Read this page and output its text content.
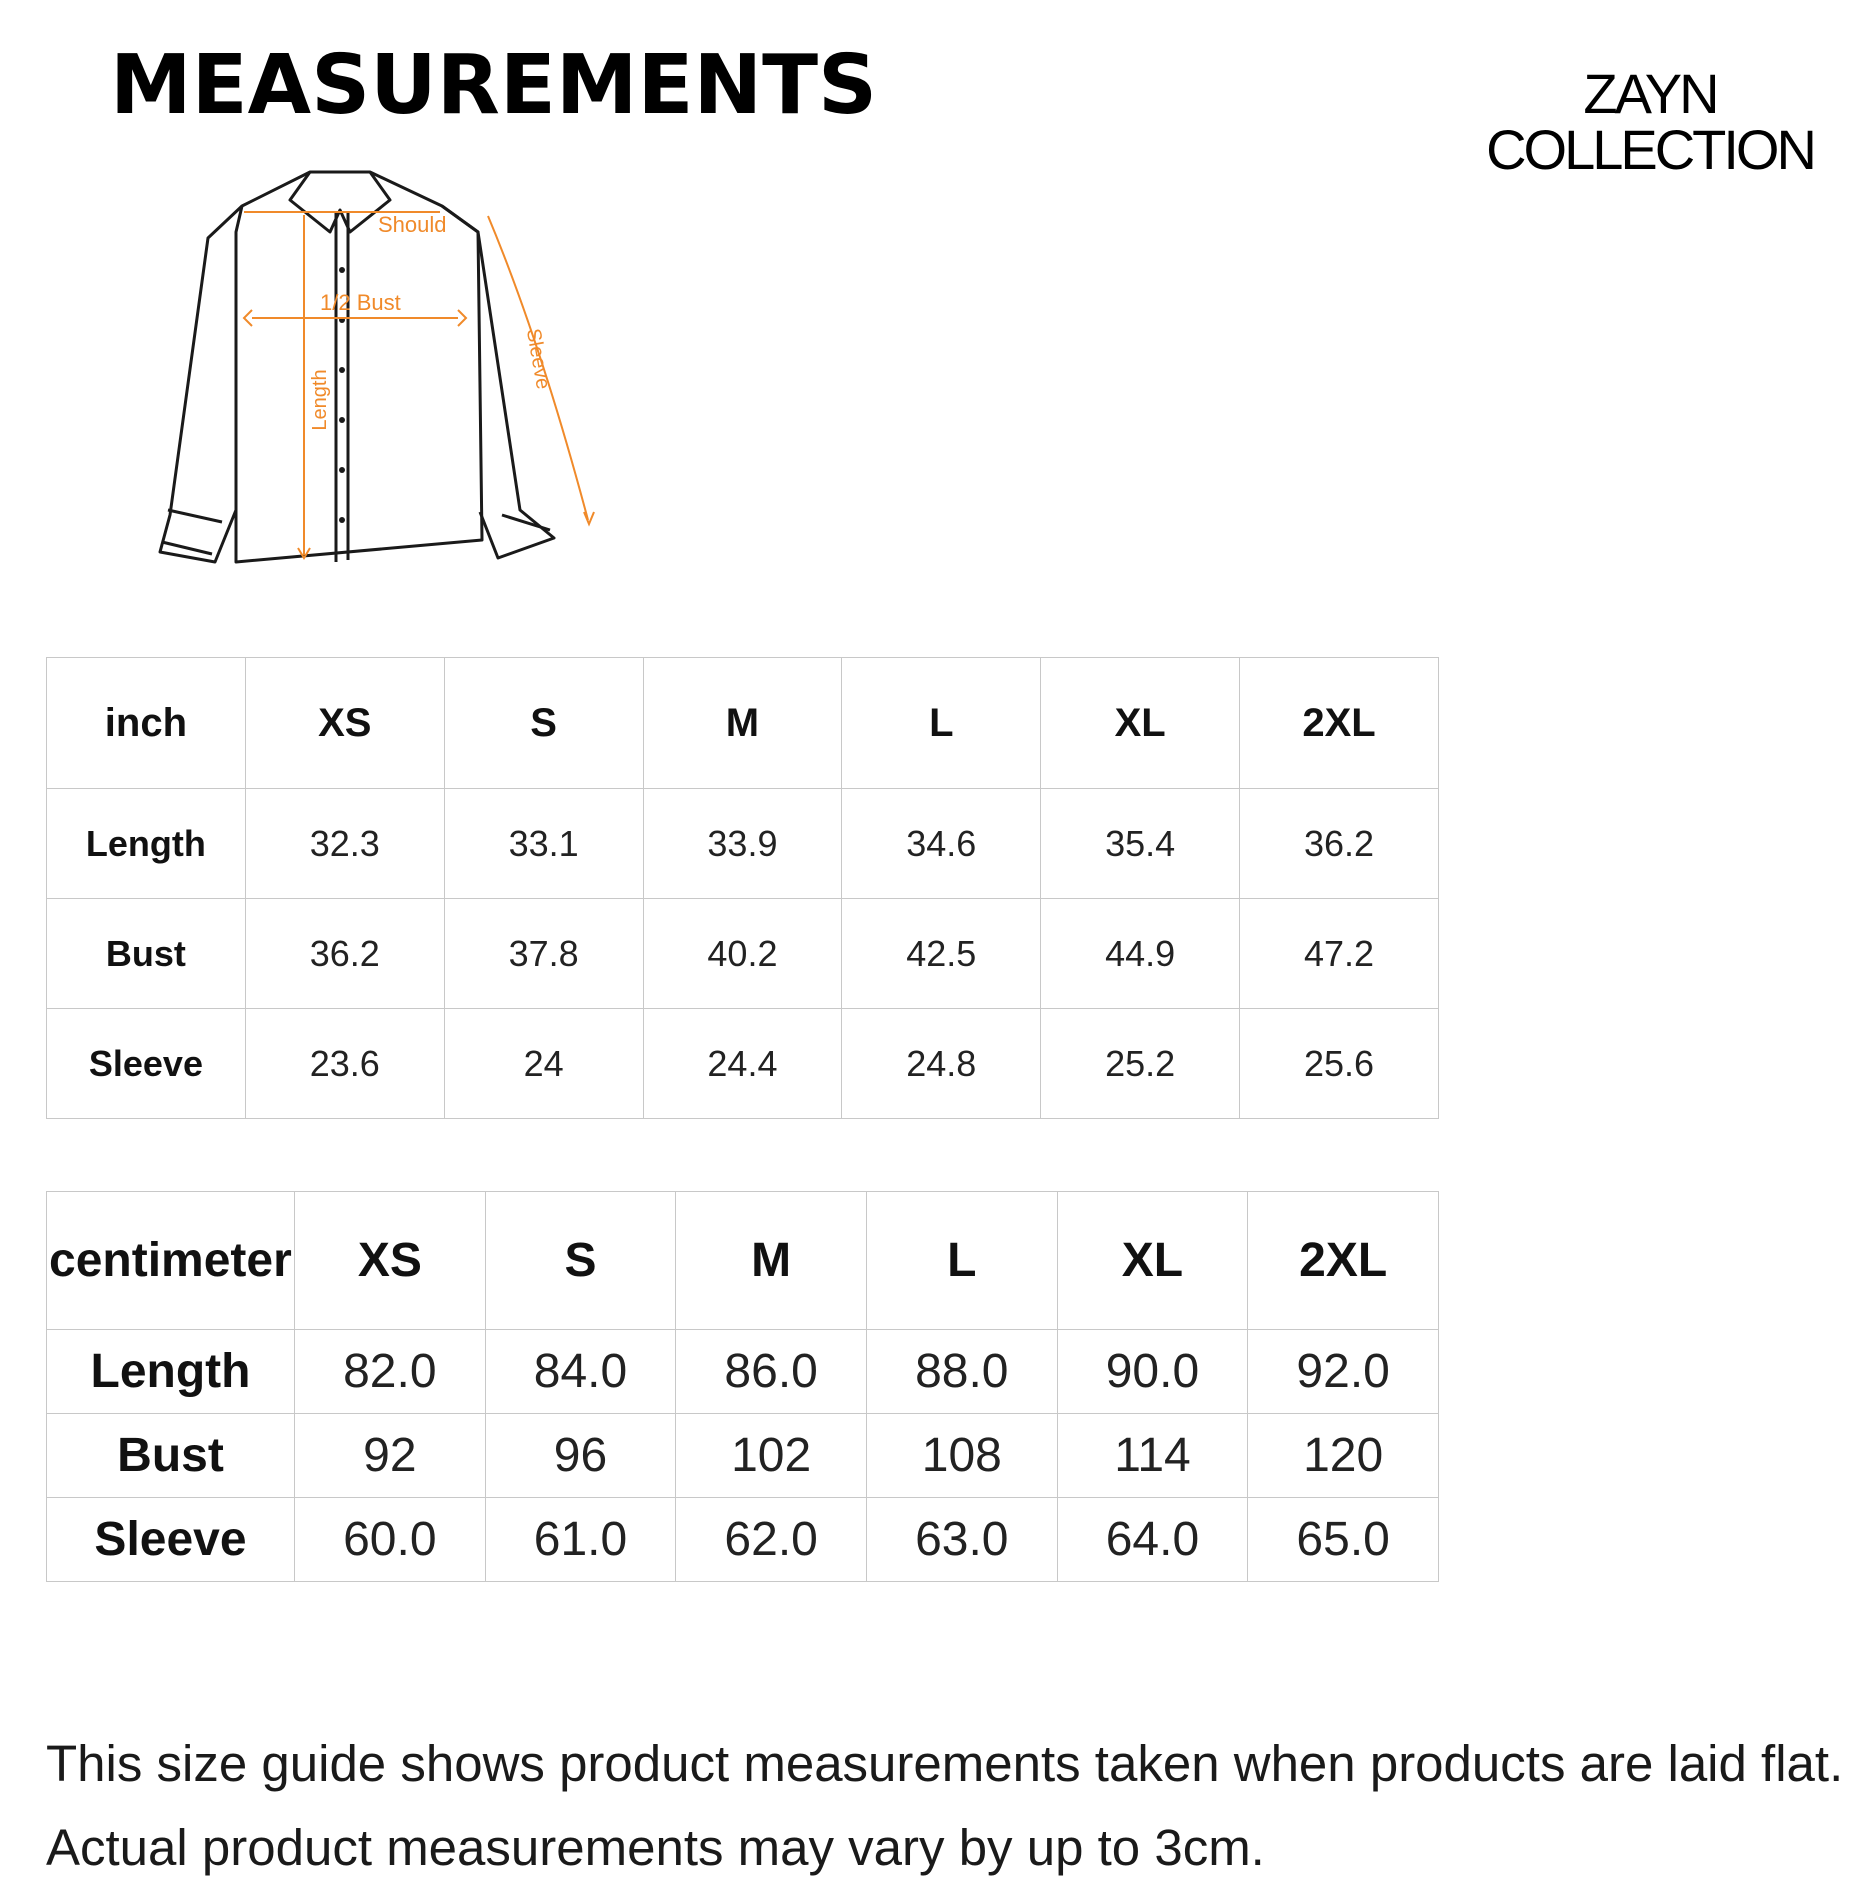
MEASUREMENTS	ZAYN
COLLECTION
Should
1/2 Bust
Length
Sleeve
inch	XS	S	M	L	XL	2XL
Length	32.3	33.1	33.9	34.6	35.4	36.2
Bust	36.2	37.8	40.2	42.5	44.9	47.2
Sleeve	23.6	24	24.4	24.8	25.2	25.6
centimeter	XS	S	M	L	XL	2XL
Length	82.0	84.0	86.0	88.0	90.0	92.0
Bust	92	96	102	108	114	120
Sleeve	60.0	61.0	62.0	63.0	64.0	65.0
This size guide shows product measurements taken when products are laid flat. Actual product measurements may vary by up to 3cm.
